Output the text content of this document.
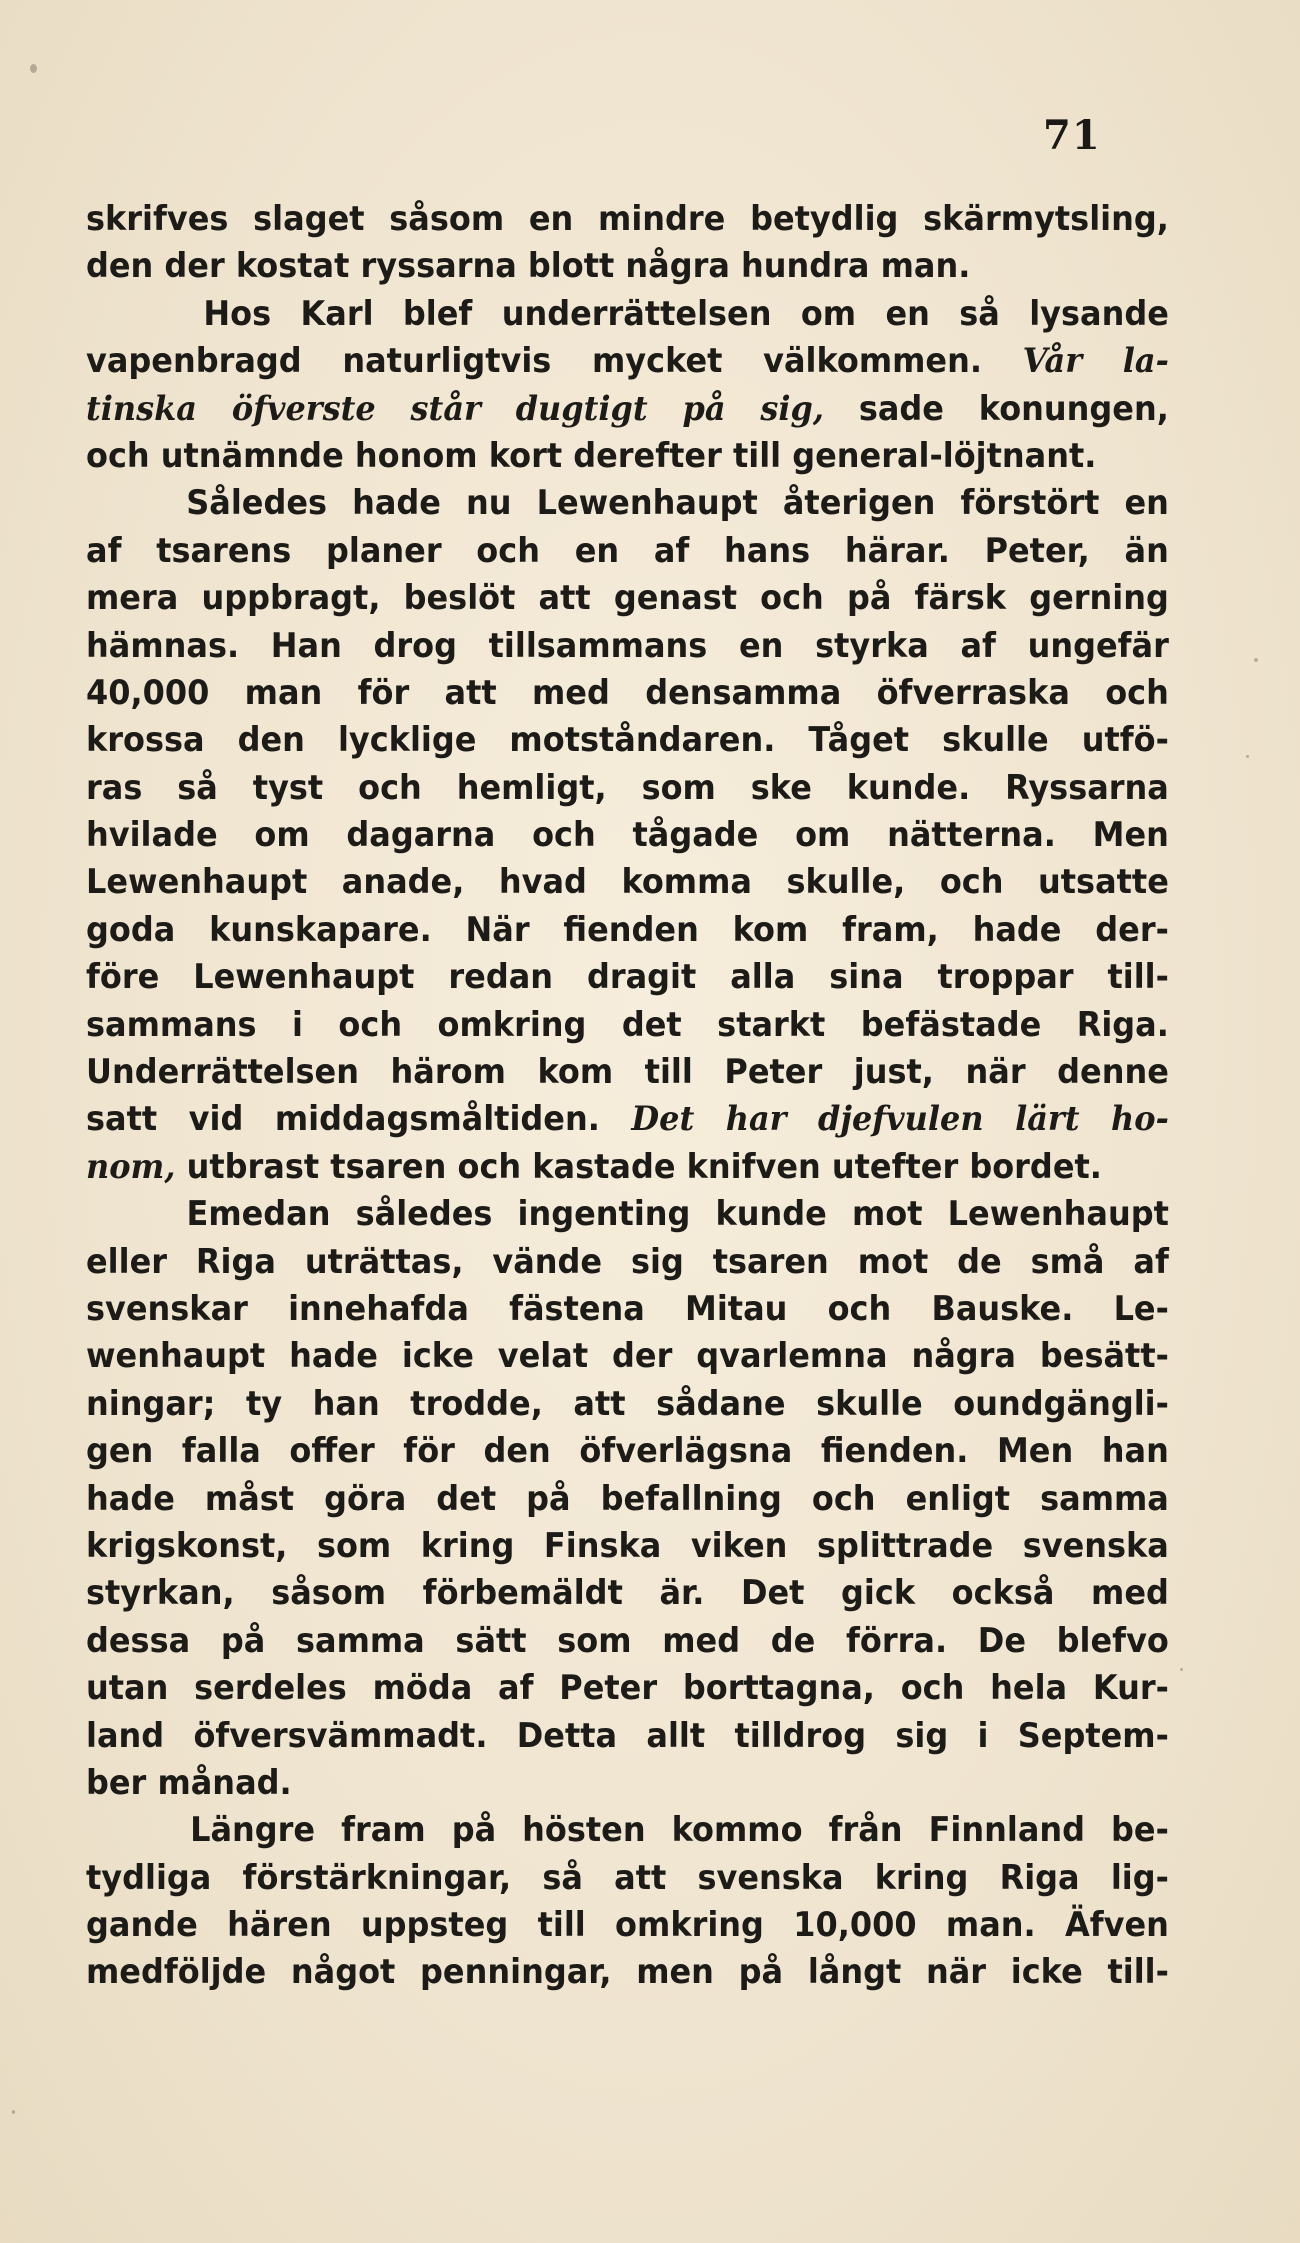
71
skrifves slaget såsom en mindre betydlig skärmytsling,
den der kostat ryssarna blott några hundra man.
Hos Karl blef underrättelsen om en så lysande
vapenbragd naturligtvis mycket välkommen. Vår la-
tinska öfverste står dugtigt på sig, sade konungen,
och utnämnde honom kort derefter till general-löjtnant.
Således hade nu Lewenhaupt återigen förstört en
af tsarens planer och en af hans härar. Peter, än
mera uppbragt, beslöt att genast och på färsk gerning
hämnas. Han drog tillsammans en styrka af ungefär
40,000 man för att med densamma öfverraska och
krossa den lycklige motståndaren. Tåget skulle utfö-
ras så tyst och hemligt, som ske kunde. Ryssarna
hvilade om dagarna och tågade om nätterna. Men
Lewenhaupt anade, hvad komma skulle, och utsatte
goda kunskapare. När fienden kom fram, hade der-
före Lewenhaupt redan dragit alla sina troppar till-
sammans i och omkring det starkt befästade Riga.
Underrättelsen härom kom till Peter just, när denne
satt vid middagsmåltiden. Det har djefvulen lärt ho-
nom, utbrast tsaren och kastade knifven utefter bordet.
Emedan således ingenting kunde mot Lewenhaupt
eller Riga uträttas, vände sig tsaren mot de små af
svenskar innehafda fästena Mitau och Bauske. Le-
wenhaupt hade icke velat der qvarlemna några besätt-
ningar; ty han trodde, att sådane skulle oundgängli-
gen falla offer för den öfverlägsna fienden. Men han
hade måst göra det på befallning och enligt samma
krigskonst, som kring Finska viken splittrade svenska
styrkan, såsom förbemäldt är. Det gick också med
dessa på samma sätt som med de förra. De blefvo
utan serdeles möda af Peter borttagna, och hela Kur-
land öfversvämmadt. Detta allt tilldrog sig i Septem-
ber månad.
Längre fram på hösten kommo från Finnland be-
tydliga förstärkningar, så att svenska kring Riga lig-
gande hären uppsteg till omkring 10,000 man. Äfven
medföljde något penningar, men på långt när icke till-
